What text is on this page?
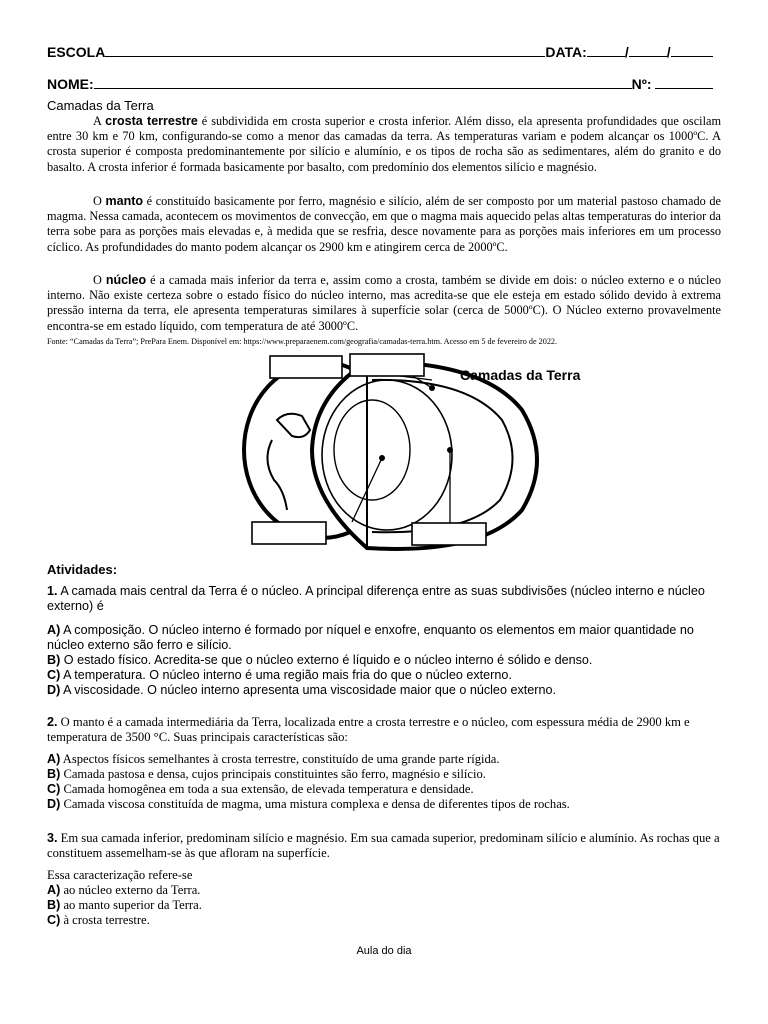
ESCOLA	DATA:	/	/
NOME:	Nº:
Camadas da Terra
A crosta terrestre é subdividida em crosta superior e crosta inferior. Além disso, ela apresenta profundidades que oscilam entre 30 km e 70 km, configurando-se como a menor das camadas da terra. As temperaturas variam e podem alcançar os 1000ºC. A crosta superior é composta predominantemente por silício e alumínio, e os tipos de rocha são as sedimentares, além do granito e do basalto. A crosta inferior é formada basicamente por basalto, com predomínio dos elementos silício e magnésio.
O manto é constituído basicamente por ferro, magnésio e silício, além de ser composto por um material pastoso chamado de magma. Nessa camada, acontecem os movimentos de convecção, em que o magma mais aquecido pelas altas temperaturas do interior da terra sobe para as porções mais elevadas e, à medida que se resfria, desce novamente para as porções mais inferiores em um processo cíclico. As profundidades do manto podem alcançar os 2900 km e atingirem cerca de 2000ºC.
O núcleo é a camada mais inferior da terra e, assim como a crosta, também se divide em dois: o núcleo externo e o núcleo interno. Não existe certeza sobre o estado físico do núcleo interno, mas acredita-se que ele esteja em estado sólido devido à extrema pressão interna da terra, ele apresenta temperaturas similares à superfície solar (cerca de 5000ºC). O Núcleo externo provavelmente encontra-se em estado líquido, com temperatura de até 3000ºC.
Fonte: “Camadas da Terra”; PrePara Enem. Disponível em: https://www.preparaenem.com/geografia/camadas-terra.htm. Acesso em 5 de fevereiro de 2022.
Camadas da Terra
Atividades:
1. A camada mais central da Terra é o núcleo. A principal diferença entre as suas subdivisões (núcleo interno e núcleo externo) é
A) A composição. O núcleo interno é formado por níquel e enxofre, enquanto os elementos em maior quantidade no núcleo externo são ferro e silício.
B) O estado físico. Acredita-se que o núcleo externo é líquido e o núcleo interno é sólido e denso.
C) A temperatura. O núcleo interno é uma região mais fria do que o núcleo externo.
D) A viscosidade. O núcleo interno apresenta uma viscosidade maior que o núcleo externo.
2. O manto é a camada intermediária da Terra, localizada entre a crosta terrestre e o núcleo, com espessura média de 2900 km e temperatura de 3500 °C. Suas principais características são:
A) Aspectos físicos semelhantes à crosta terrestre, constituído de uma grande parte rígida.
B) Camada pastosa e densa, cujos principais constituintes são ferro, magnésio e silício.
C) Camada homogênea em toda a sua extensão, de elevada temperatura e densidade.
D) Camada viscosa constituída de magma, uma mistura complexa e densa de diferentes tipos de rochas.
3. Em sua camada inferior, predominam silício e magnésio. Em sua camada superior, predominam silício e alumínio. As rochas que a constituem assemelham-se às que afloram na superfície.
Essa caracterização refere-se
A) ao núcleo externo da Terra.
B) ao manto superior da Terra.
C) à crosta terrestre.
Aula do dia
